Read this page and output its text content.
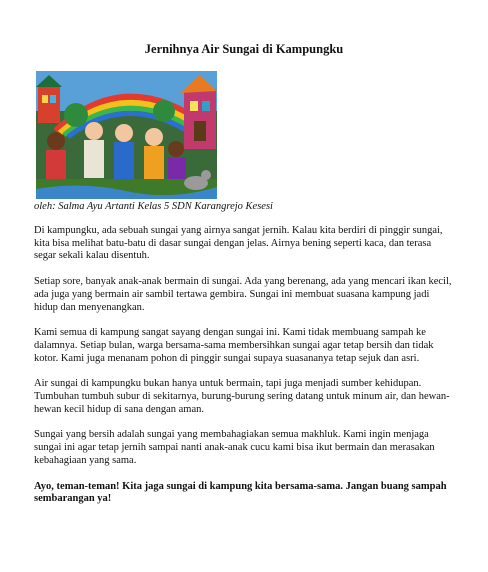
Jernihnya Air Sungai di Kampungku

oleh: Salma Ayu Artanti Kelas 5 SDN Karangrejo Kesesi

Di kampungku, ada sebuah sungai yang airnya sangat jernih. Kalau kita berdiri di pinggir sungai, kita bisa melihat batu-batu di dasar sungai dengan jelas. Airnya bening seperti kaca, dan terasa segar sekali kalau disentuh.

Setiap sore, banyak anak-anak bermain di sungai. Ada yang berenang, ada yang mencari ikan kecil, ada juga yang bermain air sambil tertawa gembira. Sungai ini membuat suasana kampung jadi hidup dan menyenangkan.

Kami semua di kampung sangat sayang dengan sungai ini. Kami tidak membuang sampah ke dalamnya. Setiap bulan, warga bersama-sama membersihkan sungai agar tetap bersih dan tidak kotor. Kami juga menanam pohon di pinggir sungai supaya suasananya tetap sejuk dan asri.

Air sungai di kampungku bukan hanya untuk bermain, tapi juga menjadi sumber kehidupan. Tumbuhan tumbuh subur di sekitarnya, burung-burung sering datang untuk minum air, dan hewan-hewan kecil hidup di sana dengan aman.

Sungai yang bersih adalah sungai yang membahagiakan semua makhluk. Kami ingin menjaga sungai ini agar tetap jernih sampai nanti anak-anak cucu kami bisa ikut bermain dan merasakan kebahagiaan yang sama.

Ayo, teman-teman! Kita jaga sungai di kampung kita bersama-sama. Jangan buang sampah sembarangan ya!
